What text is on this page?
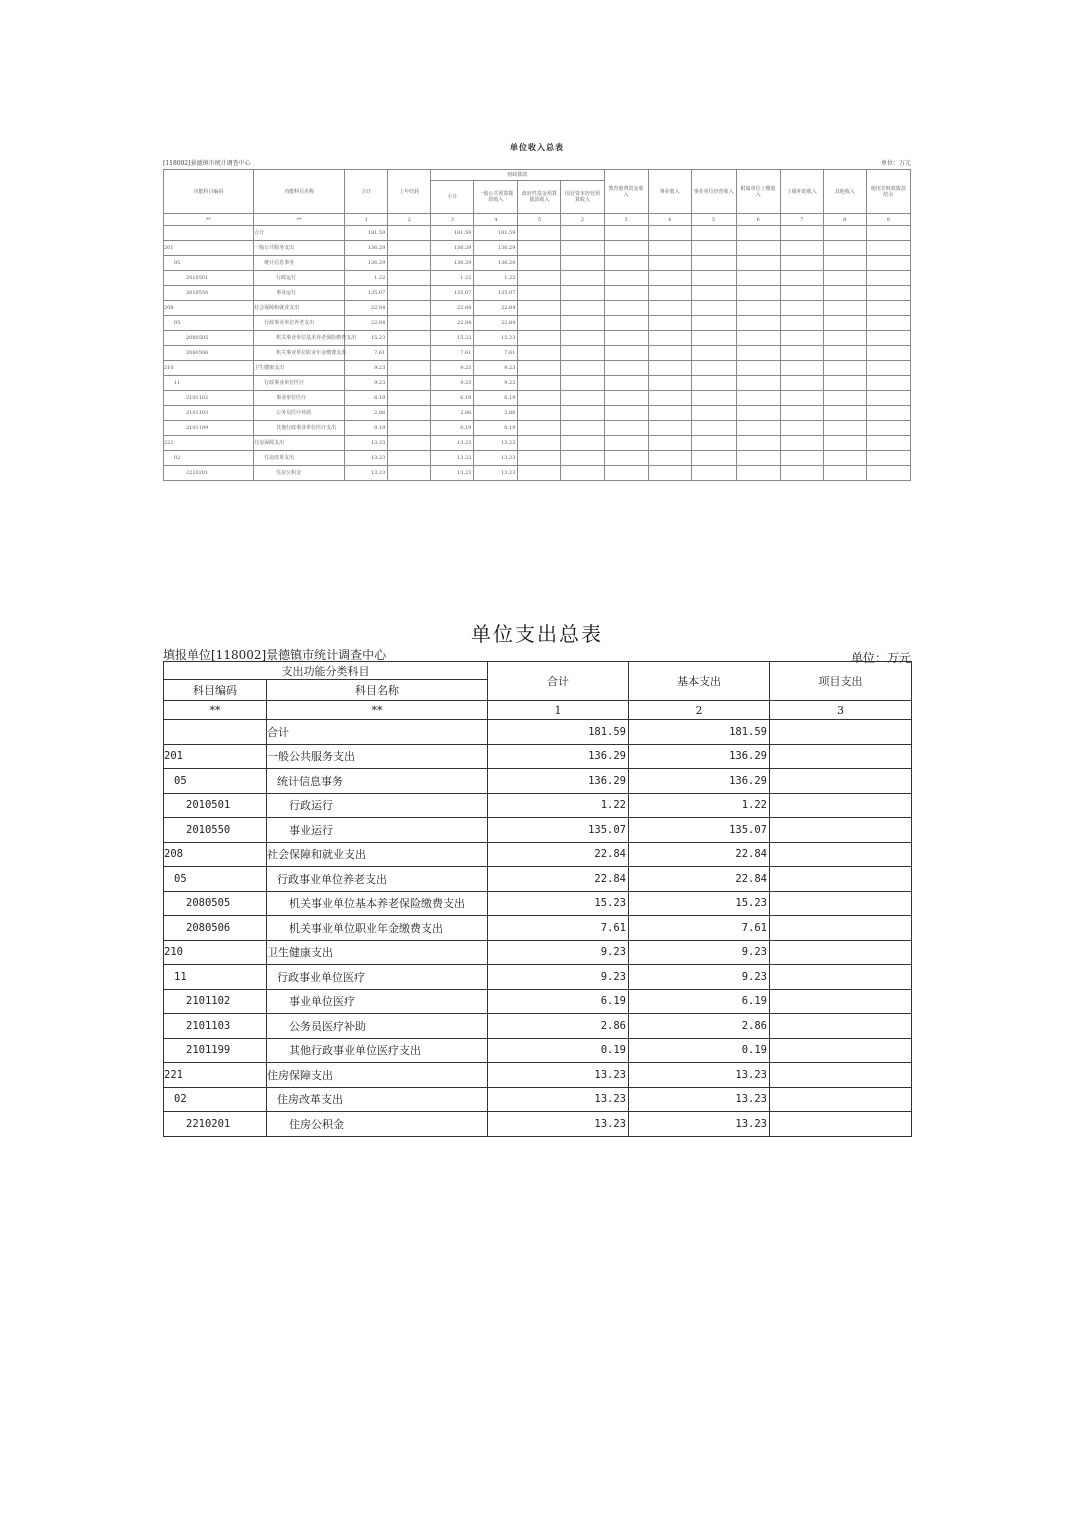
单位收入总表
[118002]景德镇市统计调查中心	单位：万元
功能科目编码	功能科目名称	合计	上年结转	财政拨款				教育收费资金收入	事业收入	事业单位经营收入	附属单位上缴收入	上级补助收入	其他收入	使用非财政拨款结余
				小计	一般公共预算拨款收入	政府性基金预算拨款收入	国有资本经营预算收入							
**	**	1	2	3	4	5	2	3	4	5	6	7	8	9
	合计	181.59		181.59	181.59									
201	一般公共服务支出	136.29		136.29	136.29									
05	统计信息事务	136.29		136.29	136.29									
2010501	行政运行	1.22		1.22	1.22									
2010550	事业运行	135.07		135.07	135.07									
208	社会保障和就业支出	22.84		22.84	22.84									
05	行政事业单位养老支出	22.84		22.84	22.84									
2080505	机关事业单位基本养老保险缴费支出	15.23		15.23	15.23									
2080506	机关事业单位职业年金缴费支出	7.61		7.61	7.61									
210	卫生健康支出	9.23		9.23	9.23									
11	行政事业单位医疗	9.23		9.23	9.23									
2101102	事业单位医疗	6.19		6.19	6.19									
2101103	公务员医疗补助	2.86		2.86	2.86									
2101199	其他行政事业单位医疗支出	0.19		0.19	0.19									
221	住房保障支出	13.23		13.23	13.23									
02	住房改革支出	13.23		13.23	13.23									
2210201	住房公积金	13.23		13.23	13.23									
单位支出总表
填报单位[118002]景德镇市统计调查中心	单位：万元
支出功能分类科目		合计	基本支出	项目支出
科目编码	科目名称			
**	**	1	2	3
	合计	181.59	181.59	
201	一般公共服务支出	136.29	136.29	
05	统计信息事务	136.29	136.29	
2010501	行政运行	1.22	1.22	
2010550	事业运行	135.07	135.07	
208	社会保障和就业支出	22.84	22.84	
05	行政事业单位养老支出	22.84	22.84	
2080505	机关事业单位基本养老保险缴费支出	15.23	15.23	
2080506	机关事业单位职业年金缴费支出	7.61	7.61	
210	卫生健康支出	9.23	9.23	
11	行政事业单位医疗	9.23	9.23	
2101102	事业单位医疗	6.19	6.19	
2101103	公务员医疗补助	2.86	2.86	
2101199	其他行政事业单位医疗支出	0.19	0.19	
221	住房保障支出	13.23	13.23	
02	住房改革支出	13.23	13.23	
2210201	住房公积金	13.23	13.23	
